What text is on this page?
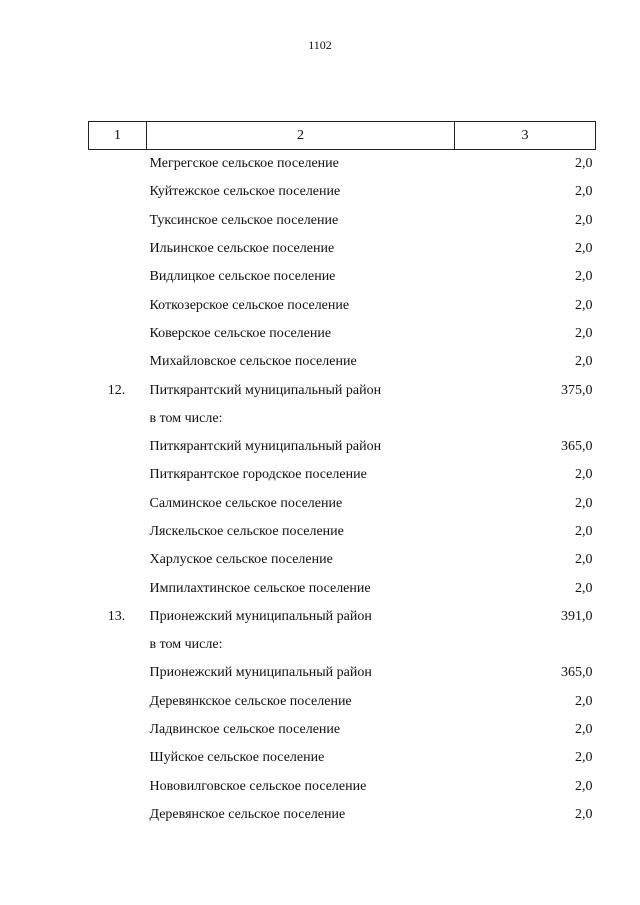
1102
1	2	3
	Мегрегское сельское поселение	2,0
	Куйтежское сельское поселение	2,0
	Туксинское сельское поселение	2,0
	Ильинское сельское поселение	2,0
	Видлицкое сельское поселение	2,0
	Коткозерское сельское поселение	2,0
	Коверское сельское поселение	2,0
	Михайловское сельское поселение	2,0
12.	Питкярантский муниципальный район	375,0
	в том числе:	
	Питкярантский муниципальный район	365,0
	Питкярантское городское поселение	2,0
	Салминское сельское поселение	2,0
	Ляскельское сельское поселение	2,0
	Харлуское сельское поселение	2,0
	Импилахтинское сельское поселение	2,0
13.	Прионежский муниципальный район	391,0
	в том числе:	
	Прионежский муниципальный район	365,0
	Деревянкское сельское поселение	2,0
	Ладвинское сельское поселение	2,0
	Шуйское сельское поселение	2,0
	Нововилговское сельское поселение	2,0
	Деревянское сельское поселение	2,0
